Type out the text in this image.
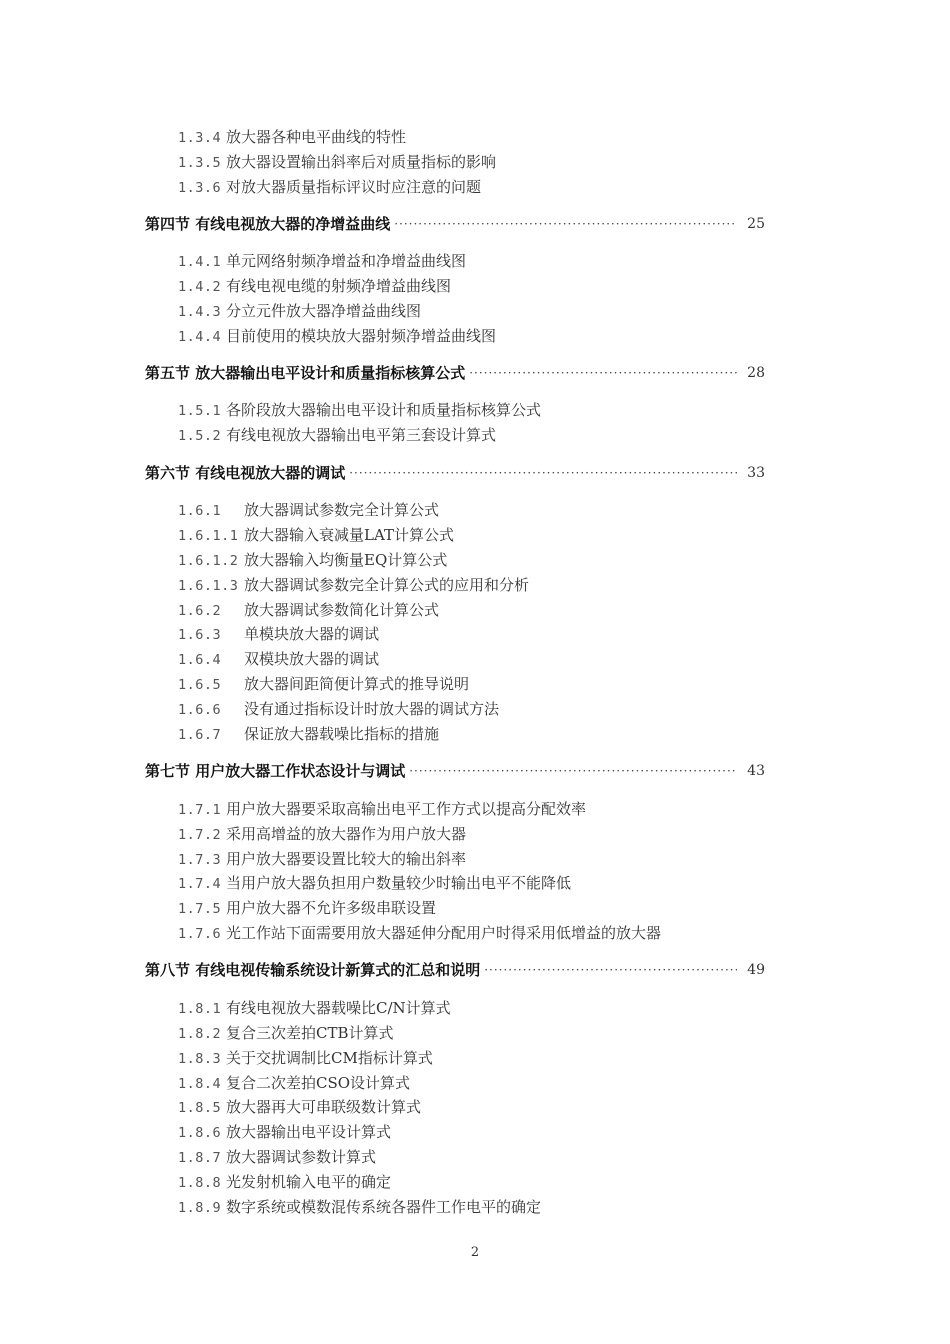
1.3.4 放大器各种电平曲线的特性
1.3.5 放大器设置输出斜率后对质量指标的影响
1.3.6 对放大器质量指标评议时应注意的问题
第四节 有线电视放大器的净增益曲线 ·····	25
1.4.1 单元网络射频净增益和净增益曲线图
1.4.2 有线电视电缆的射频净增益曲线图
1.4.3 分立元件放大器净增益曲线图
1.4.4 目前使用的模块放大器射频净增益曲线图
第五节 放大器输出电平设计和质量指标核算公式 ·····	28
1.5.1 各阶段放大器输出电平设计和质量指标核算公式
1.5.2 有线电视放大器输出电平第三套设计算式
第六节 有线电视放大器的调试 ·····	33
1.6.1 放大器调试参数完全计算公式
1.6.1.1 放大器输入衰减量LAT计算公式
1.6.1.2 放大器输入均衡量EQ计算公式
1.6.1.3 放大器调试参数完全计算公式的应用和分析
1.6.2 放大器调试参数简化计算公式
1.6.3 单模块放大器的调试
1.6.4 双模块放大器的调试
1.6.5 放大器间距简便计算式的推导说明
1.6.6 没有通过指标设计时放大器的调试方法
1.6.7 保证放大器载噪比指标的措施
第七节 用户放大器工作状态设计与调试 ·····	43
1.7.1 用户放大器要采取高输出电平工作方式以提高分配效率
1.7.2 采用高增益的放大器作为用户放大器
1.7.3 用户放大器要设置比较大的输出斜率
1.7.4 当用户放大器负担用户数量较少时输出电平不能降低
1.7.5 用户放大器不允许多级串联设置
1.7.6 光工作站下面需要用放大器延伸分配用户时得采用低增益的放大器
第八节 有线电视传输系统设计新算式的汇总和说明 ·····	49
1.8.1 有线电视放大器载噪比C/N计算式
1.8.2 复合三次差拍CTB计算式
1.8.3 关于交扰调制比CM指标计算式
1.8.4 复合二次差拍CSO设计算式
1.8.5 放大器再大可串联级数计算式
1.8.6 放大器输出电平设计算式
1.8.7 放大器调试参数计算式
1.8.8 光发射机输入电平的确定
1.8.9 数字系统或模数混传系统各器件工作电平的确定
2
